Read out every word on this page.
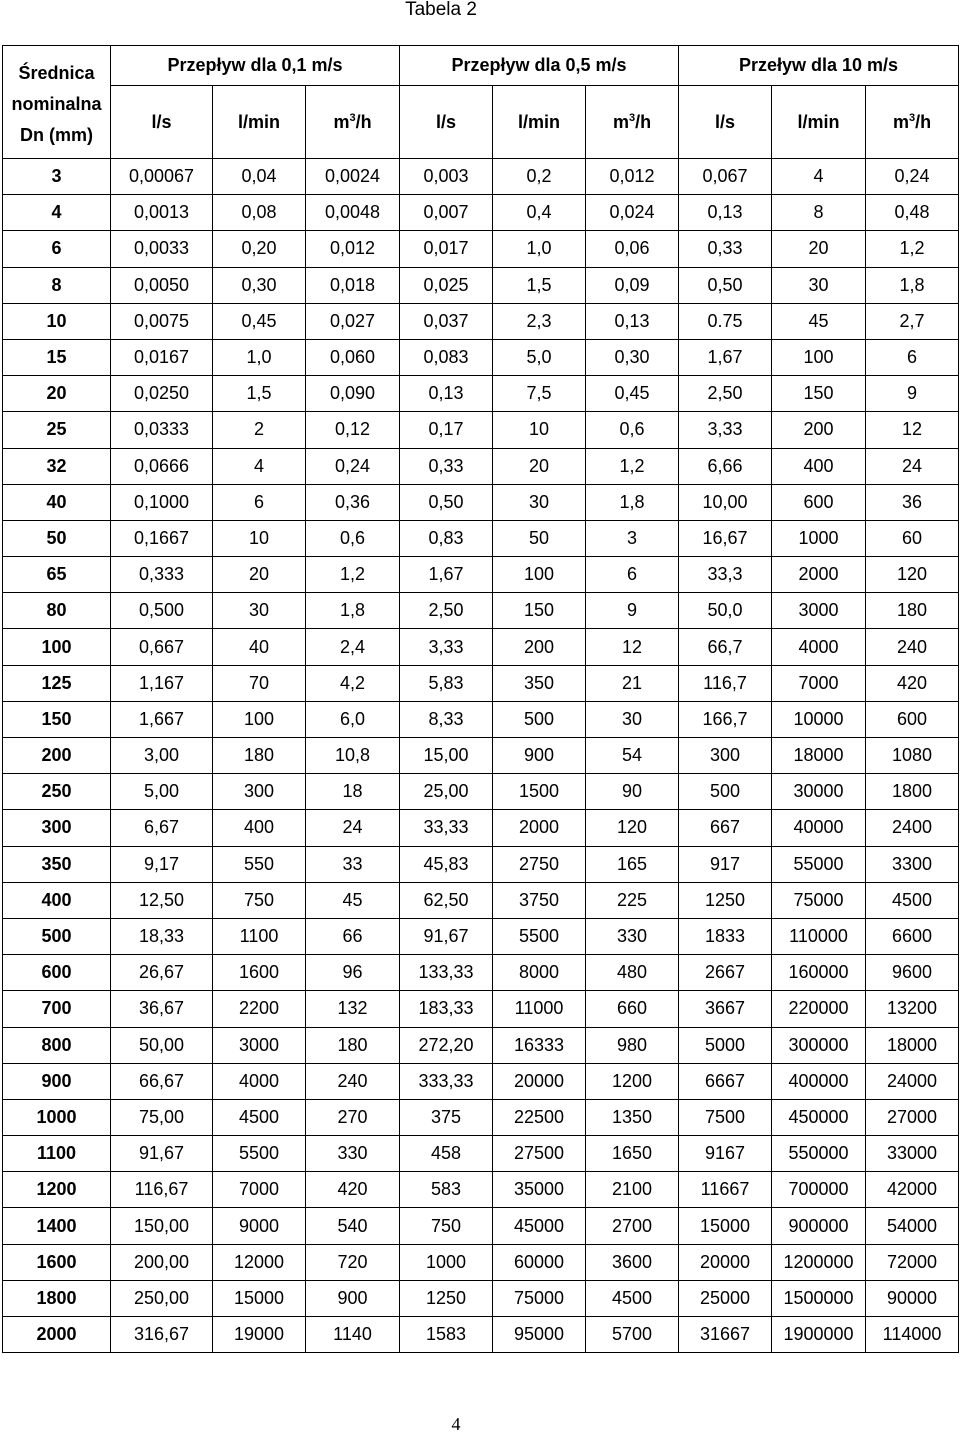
Tabela 2
Średnica
nominalna
Dn (mm)	Przepływ dla 0,1 m/s			Przepływ dla 0,5 m/s			Przeływ dla 10 m/s		
	l/s	l/min	$m^3/h$	l/s	l/min	$m^3/h$	l/s	l/min	$m^3/h$
3	0,00067	0,04	0,0024	0,003	0,2	0,012	0,067	4	0,24
4	0,0013	0,08	0,0048	0,007	0,4	0,024	0,13	8	0,48
6	0,0033	0,20	0,012	0,017	1,0	0,06	0,33	20	1,2
8	0,0050	0,30	0,018	0,025	1,5	0,09	0,50	30	1,8
10	0,0075	0,45	0,027	0,037	2,3	0,13	0.75	45	2,7
15	0,0167	1,0	0,060	0,083	5,0	0,30	1,67	100	6
20	0,0250	1,5	0,090	0,13	7,5	0,45	2,50	150	9
25	0,0333	2	0,12	0,17	10	0,6	3,33	200	12
32	0,0666	4	0,24	0,33	20	1,2	6,66	400	24
40	0,1000	6	0,36	0,50	30	1,8	10,00	600	36
50	0,1667	10	0,6	0,83	50	3	16,67	1000	60
65	0,333	20	1,2	1,67	100	6	33,3	2000	120
80	0,500	30	1,8	2,50	150	9	50,0	3000	180
100	0,667	40	2,4	3,33	200	12	66,7	4000	240
125	1,167	70	4,2	5,83	350	21	116,7	7000	420
150	1,667	100	6,0	8,33	500	30	166,7	10000	600
200	3,00	180	10,8	15,00	900	54	300	18000	1080
250	5,00	300	18	25,00	1500	90	500	30000	1800
300	6,67	400	24	33,33	2000	120	667	40000	2400
350	9,17	550	33	45,83	2750	165	917	55000	3300
400	12,50	750	45	62,50	3750	225	1250	75000	4500
500	18,33	1100	66	91,67	5500	330	1833	110000	6600
600	26,67	1600	96	133,33	8000	480	2667	160000	9600
700	36,67	2200	132	183,33	11000	660	3667	220000	13200
800	50,00	3000	180	272,20	16333	980	5000	300000	18000
900	66,67	4000	240	333,33	20000	1200	6667	400000	24000
1000	75,00	4500	270	375	22500	1350	7500	450000	27000
1100	91,67	5500	330	458	27500	1650	9167	550000	33000
1200	116,67	7000	420	583	35000	2100	11667	700000	42000
1400	150,00	9000	540	750	45000	2700	15000	900000	54000
1600	200,00	12000	720	1000	60000	3600	20000	1200000	72000
1800	250,00	15000	900	1250	75000	4500	25000	1500000	90000
2000	316,67	19000	1140	1583	95000	5700	31667	1900000	114000
4
